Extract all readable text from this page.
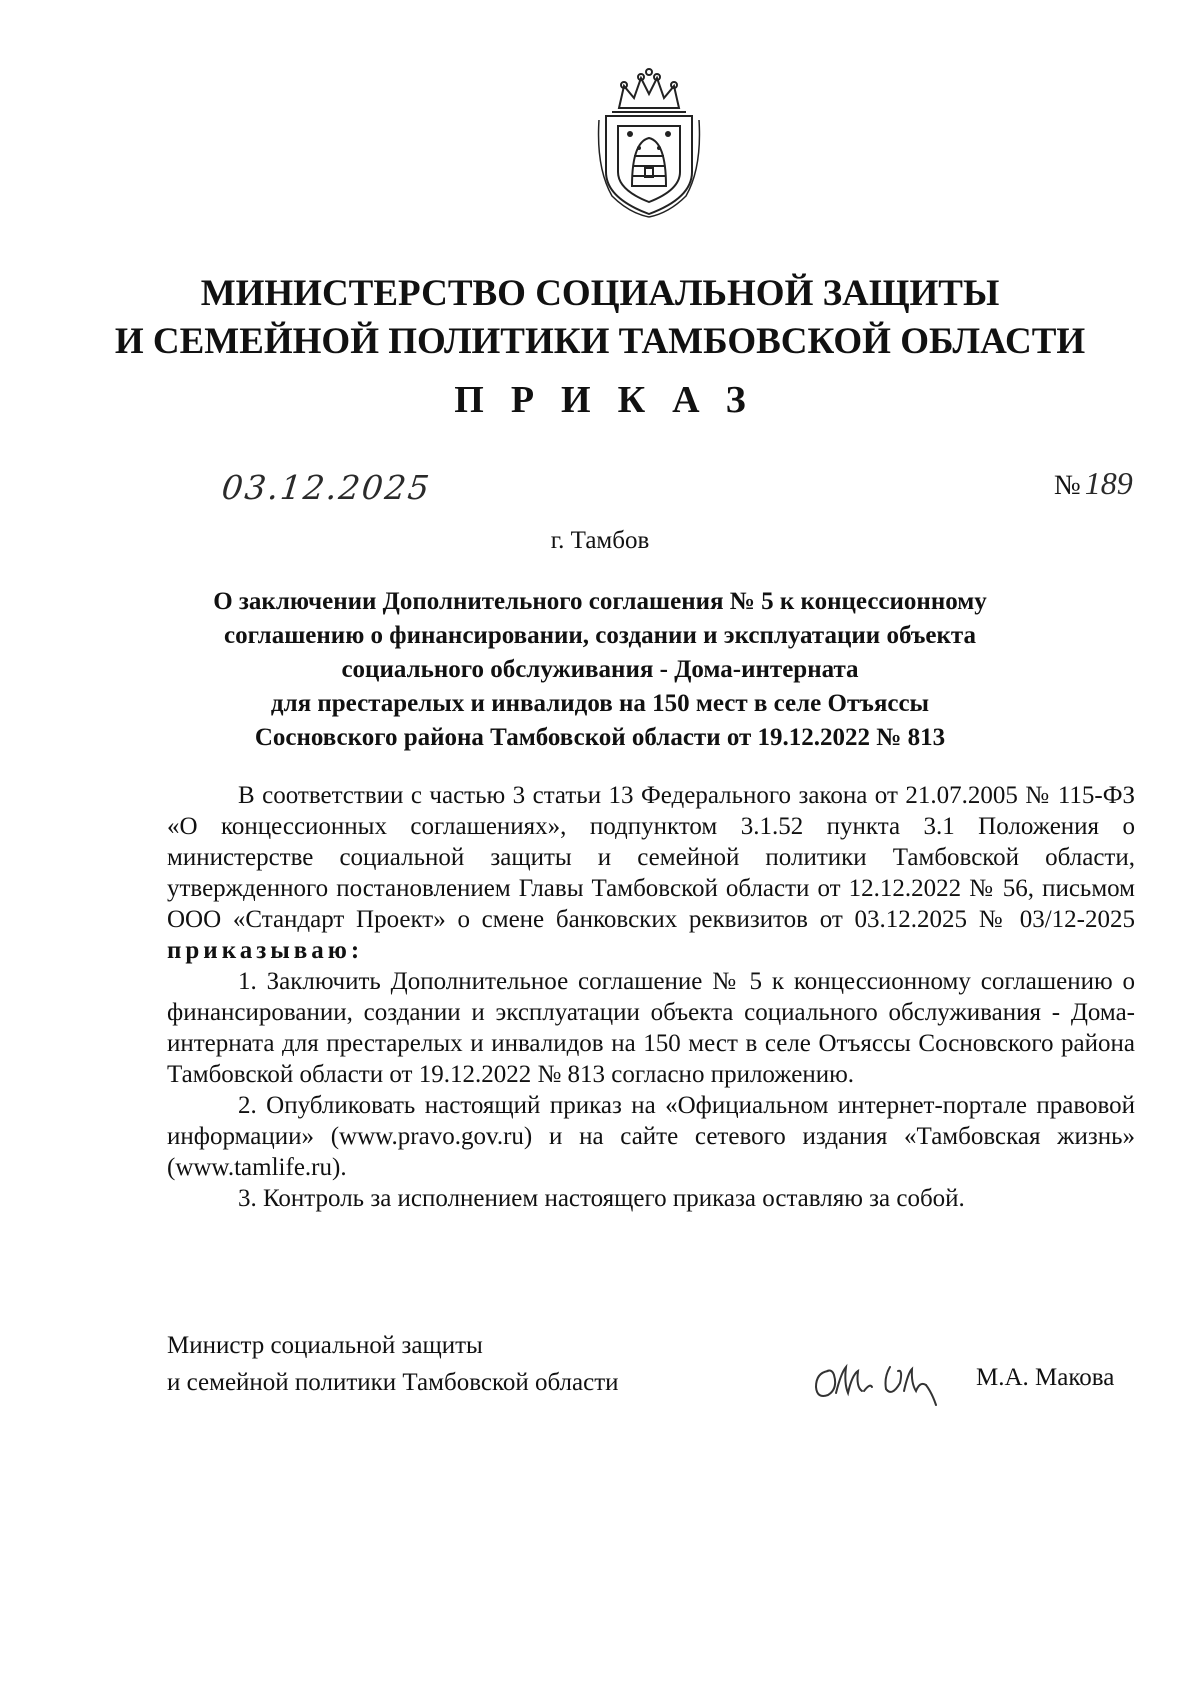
МИНИСТЕРСТВО СОЦИАЛЬНОЙ ЗАЩИТЫ
И СЕМЕЙНОЙ ПОЛИТИКИ ТАМБОВСКОЙ ОБЛАСТИ
ПРИКАЗ
03.12.2025	№ 189
г. Тамбов
О заключении Дополнительного соглашения № 5 к концессионному
соглашению о финансировании, создании и эксплуатации объекта
социального обслуживания - Дома-интерната
для престарелых и инвалидов на 150 мест в селе Отъяссы
Сосновского района Тамбовской области от 19.12.2022 № 813

В соответствии с частью 3 статьи 13 Федерального закона от 21.07.2005 № 115-ФЗ «О концессионных соглашениях», подпунктом 3.1.52 пункта 3.1 Положения о министерстве социальной защиты и семейной политики Тамбовской области, утвержденного постановлением Главы Тамбовской области от 12.12.2022 № 56, письмом ООО «Стандарт Проект» о смене банковских реквизитов от 03.12.2025 № 03/12-2025 приказываю:

1. Заключить Дополнительное соглашение № 5 к концессионному соглашению о финансировании, создании и эксплуатации объекта социального обслуживания - Дома-интерната для престарелых и инвалидов на 150 мест в селе Отъяссы Сосновского района Тамбовской области от 19.12.2022 № 813 согласно приложению.

2. Опубликовать настоящий приказ на «Официальном интернет-портале правовой информации» (www.pravo.gov.ru) и на сайте сетевого издания «Тамбовская жизнь» (www.tamlife.ru).

3. Контроль за исполнением настоящего приказа оставляю за собой.

Министр социальной защиты
и семейной политики Тамбовской области	М.А. Макова
